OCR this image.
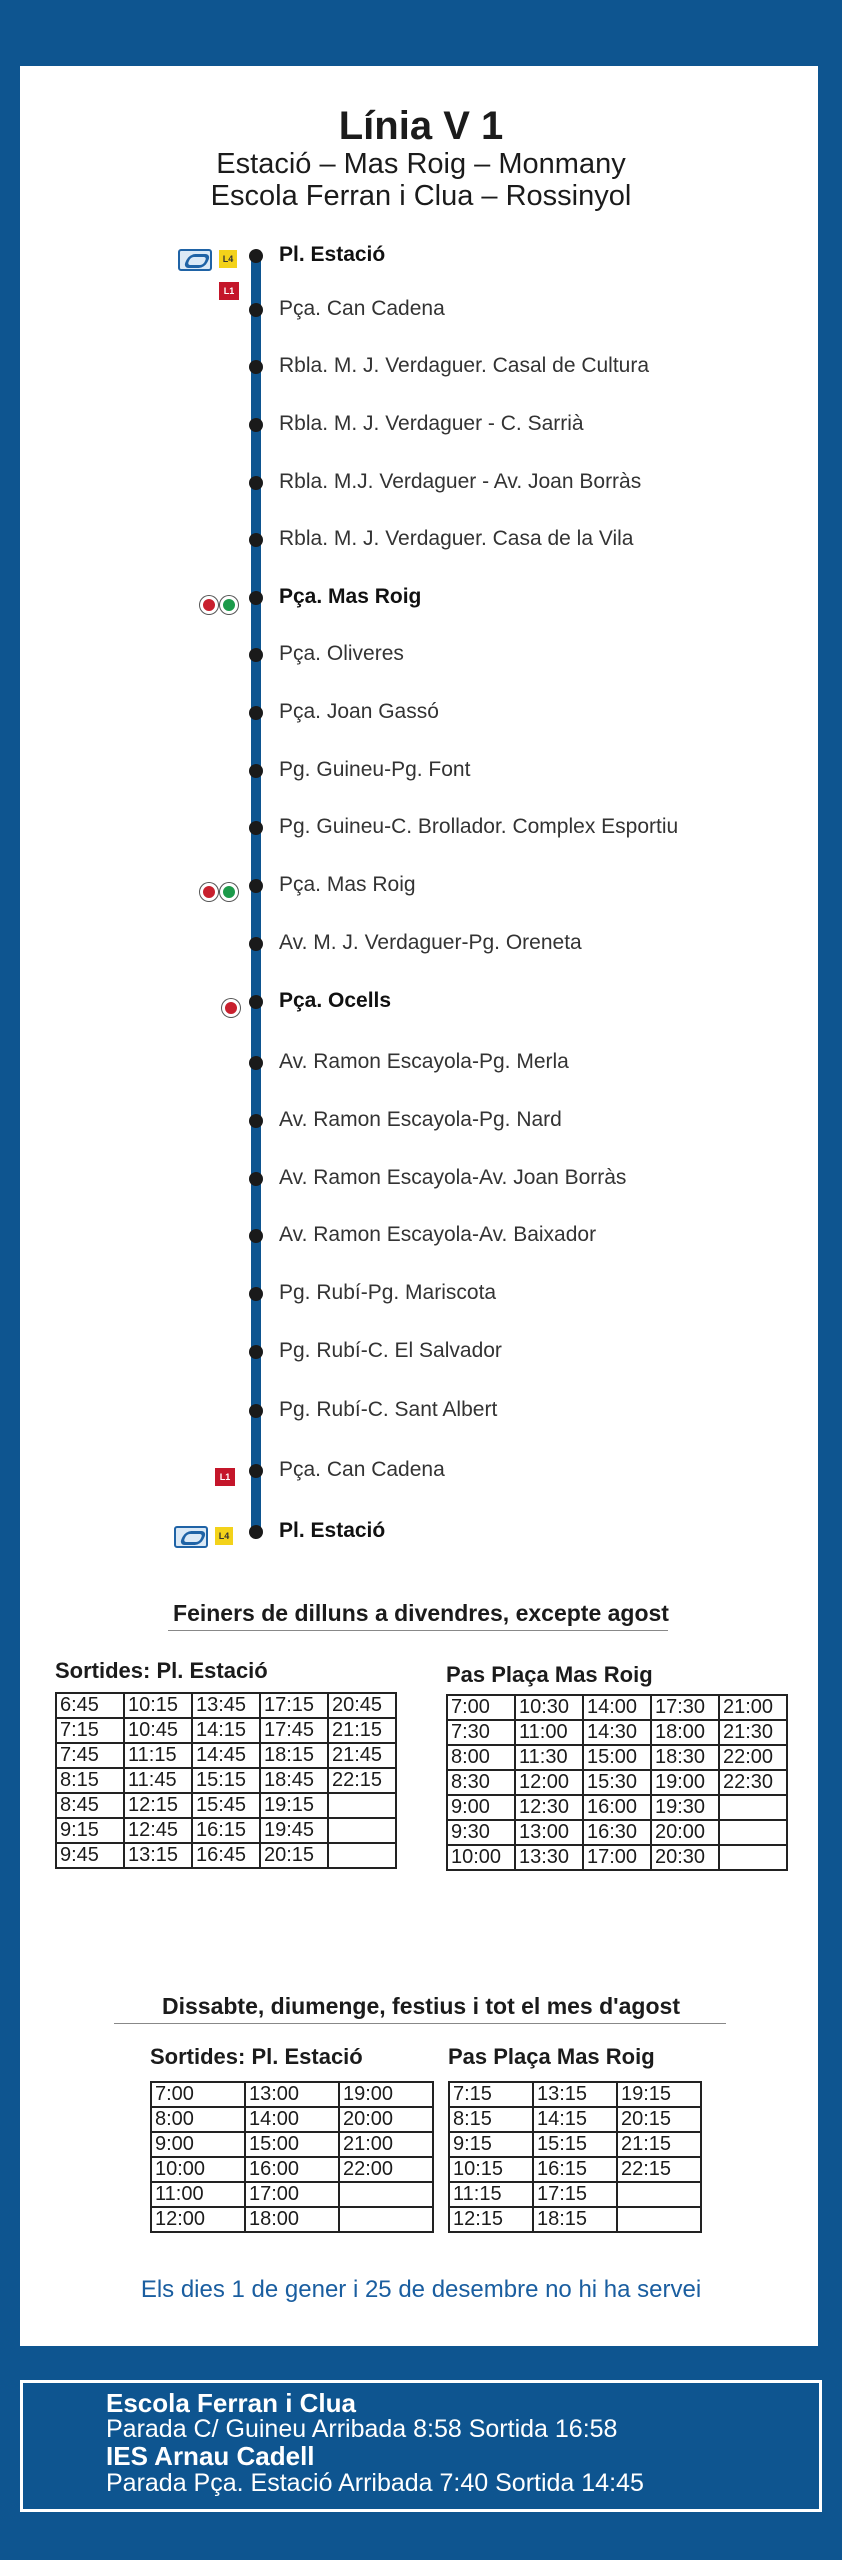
Línia V 1
Estació – Mas Roig – Monmany
Escola Ferran i Clua – Rossinyol
Pl. Estació
Pça. Can Cadena
Rbla. M. J. Verdaguer. Casal de Cultura
Rbla. M. J. Verdaguer - C. Sarrià
Rbla. M.J. Verdaguer - Av. Joan Borràs
Rbla. M. J. Verdaguer. Casa de la Vila
Pça. Mas Roig
Pça. Oliveres
Pça. Joan Gassó
Pg. Guineu-Pg. Font
Pg. Guineu-C. Brollador. Complex Esportiu
Pça. Mas Roig
Av. M. J. Verdaguer-Pg. Oreneta
Pça. Ocells
Av. Ramon Escayola-Pg. Merla
Av. Ramon Escayola-Pg. Nard
Av. Ramon Escayola-Av. Joan Borràs
Av. Ramon Escayola-Av. Baixador
Pg. Rubí-Pg. Mariscota
Pg. Rubí-C. El Salvador
Pg. Rubí-C. Sant Albert
Pça. Can Cadena
Pl. Estació
L4
L1
L1
L4
Feiners de dilluns a divendres, excepte agost
Sortides: Pl. Estació	Pas Plaça Mas Roig
6:45	10:15	13:45	17:15	20:45
7:15	10:45	14:15	17:45	21:15
7:45	11:15	14:45	18:15	21:45
8:15	11:45	15:15	18:45	22:15
8:45	12:15	15:45	19:15	
9:15	12:45	16:15	19:45	
9:45	13:15	16:45	20:15	
7:00	10:30	14:00	17:30	21:00
7:30	11:00	14:30	18:00	21:30
8:00	11:30	15:00	18:30	22:00
8:30	12:00	15:30	19:00	22:30
9:00	12:30	16:00	19:30	
9:30	13:00	16:30	20:00	
10:00	13:30	17:00	20:30	
Dissabte, diumenge, festius i tot el mes d'agost
Sortides: Pl. Estació	Pas Plaça Mas Roig
7:00	13:00	19:00
8:00	14:00	20:00
9:00	15:00	21:00
10:00	16:00	22:00
11:00	17:00	
12:00	18:00	
7:15	13:15	19:15
8:15	14:15	20:15
9:15	15:15	21:15
10:15	16:15	22:15
11:15	17:15	
12:15	18:15	
Els dies 1 de gener i 25 de desembre no hi ha servei
Escola Ferran i Clua
Parada C/ Guineu Arribada 8:58 Sortida 16:58
IES Arnau Cadell
Parada Pça. Estació Arribada 7:40 Sortida 14:45
